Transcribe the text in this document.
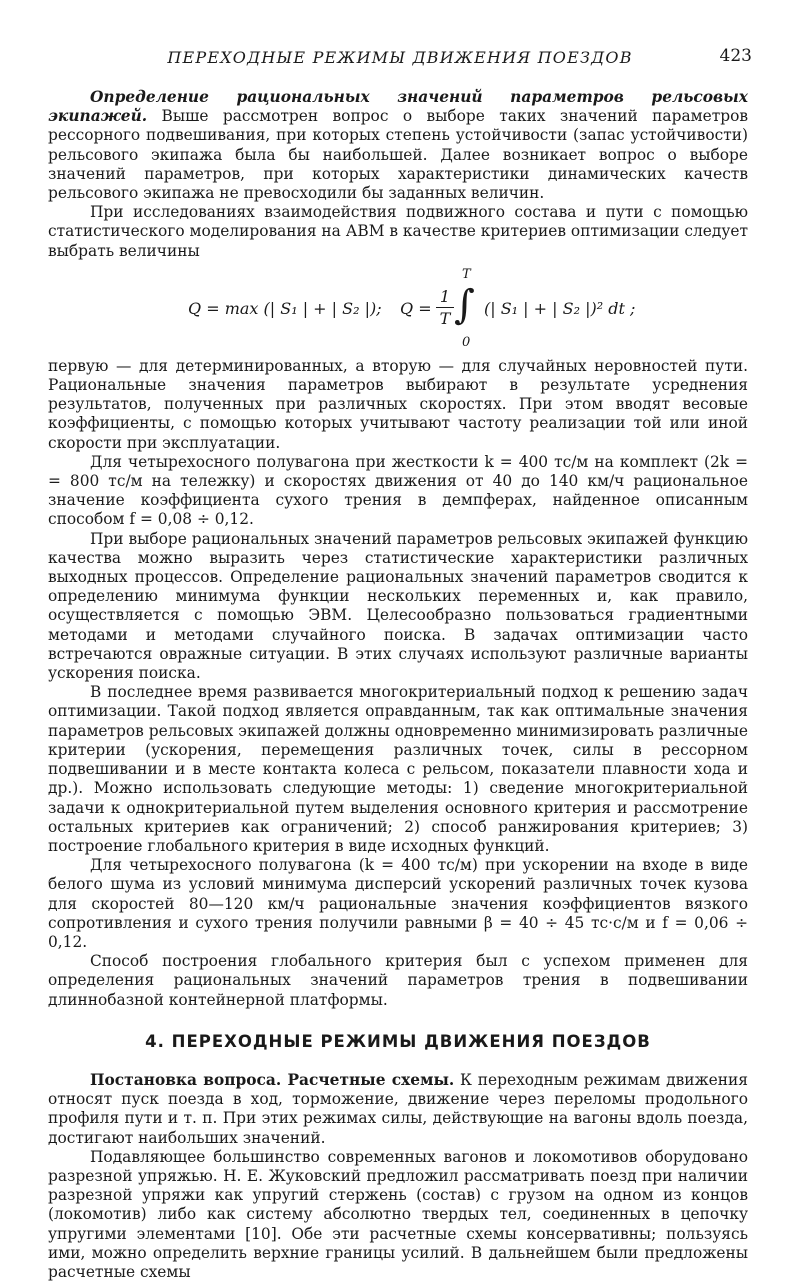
ПЕРЕХОДНЫЕ РЕЖИМЫ ДВИЖЕНИЯ ПОЕЗДОВ	423

Определение рациональных значений параметров рельсовых экипажей. Выше рассмотрен вопрос о выборе таких значений параметров рессорного подвешивания, при которых степень устойчивости (запас устойчивости) рельсового экипажа была бы наибольшей. Далее возникает вопрос о выборе значений параметров, при которых характеристики динамических качеств рельсового экипажа не превосходили бы заданных величин.

При исследованиях взаимодействия подвижного состава и пути с помощью статистического моделирования на АВМ в качестве критериев оптимизации следует выбрать величины

Q = max (| S₁ | + | S₂ |); Q =
1
T
T
∫
0
(| S₁ | + | S₂ |)² dt ;

первую — для детерминированных, а вторую — для случайных неровностей пути. Рациональные значения параметров выбирают в результате усреднения результатов, полученных при различных скоростях. При этом вводят весовые коэффициенты, с помощью которых учитывают частоту реализации той или иной скорости при эксплуатации.

Для четырехосного полувагона при жесткости k = 400 тс/м на комплект (2k = = 800 тс/м на тележку) и скоростях движения от 40 до 140 км/ч рациональное значение коэффициента сухого трения в демпферах, найденное описанным способом f = 0,08 ÷ 0,12.

При выборе рациональных значений параметров рельсовых экипажей функцию качества можно выразить через статистические характеристики различных выходных процессов. Определение рациональных значений параметров сводится к определению минимума функции нескольких переменных и, как правило, осуществляется с помощью ЭВМ. Целесообразно пользоваться градиентными методами и методами случайного поиска. В задачах оптимизации часто встречаются овражные ситуации. В этих случаях используют различные варианты ускорения поиска.

В последнее время развивается многокритериальный подход к решению задач оптимизации. Такой подход является оправданным, так как оптимальные значения параметров рельсовых экипажей должны одновременно минимизировать различные критерии (ускорения, перемещения различных точек, силы в рессорном подвешивании и в месте контакта колеса с рельсом, показатели плавности хода и др.). Можно использовать следующие методы: 1) сведение многокритериальной задачи к однокритериальной путем выделения основного критерия и рассмотрение остальных критериев как ограничений; 2) способ ранжирования критериев; 3) построение глобального критерия в виде исходных функций.

Для четырехосного полувагона (k = 400 тс/м) при ускорении на входе в виде белого шума из условий минимума дисперсий ускорений различных точек кузова для скоростей 80—120 км/ч рациональные значения коэффициентов вязкого сопротивления и сухого трения получили равными β = 40 ÷ 45 тс·с/м и f = 0,06 ÷ 0,12.

Способ построения глобального критерия был с успехом применен для определения рациональных значений параметров трения в подвешивании длиннобазной контейнерной платформы.

4. ПЕРЕХОДНЫЕ РЕЖИМЫ ДВИЖЕНИЯ ПОЕЗДОВ

Постановка вопроса. Расчетные схемы. К переходным режимам движения относят пуск поезда в ход, торможение, движение через переломы продольного профиля пути и т. п. При этих режимах силы, действующие на вагоны вдоль поезда, достигают наибольших значений.

Подавляющее большинство современных вагонов и локомотивов оборудовано разрезной упряжью. Н. Е. Жуковский предложил рассматривать поезд при наличии разрезной упряжи как упругий стержень (состав) с грузом на одном из концов (локомотив) либо как систему абсолютно твердых тел, соединенных в цепочку упругими элементами [10]. Обе эти расчетные схемы консервативны; пользуясь ими, можно определить верхние границы усилий. В дальнейшем были предложены расчетные схемы
